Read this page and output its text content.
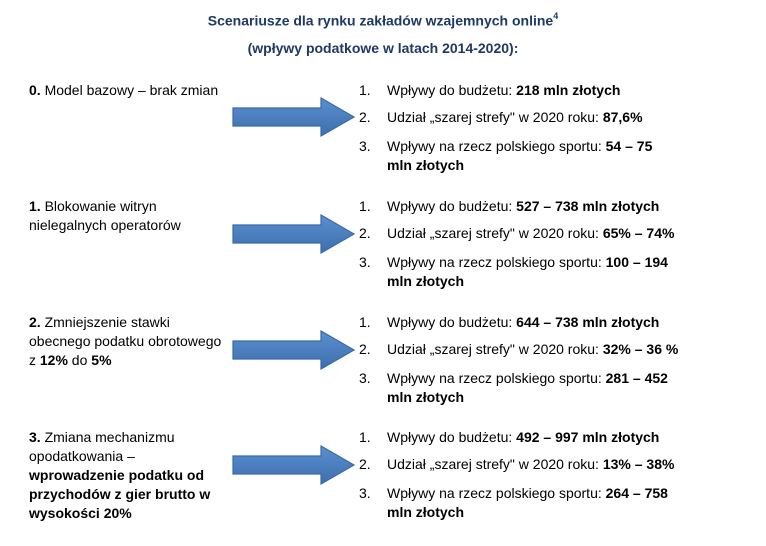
Scenariusze dla rynku zakładów wzajemnych online$^4$
(wpływy podatkowe w latach 2014-2020):
0. Model bazowy – brak zmian	1. Wpływy do budżetu: 218 mln złotych
2. Udział „szarej strefy" w 2020 roku: 87,6%
3. Wpływy na rzecz polskiego sportu: 54 – 75
mln złotych
1. Blokowanie witryn nielegalnych operatorów
1. Wpływy do budżetu: 527 – 738 mln złotych
2. Udział „szarej strefy" w 2020 roku: 65% – 74%
3. Wpływy na rzecz polskiego sportu: 100 – 194
mln złotych
2. Zmniejszenie stawki obecnego podatku obrotowego z 12% do 5%
1. Wpływy do budżetu: 644 – 738 mln złotych
2. Udział „szarej strefy" w 2020 roku: 32% – 36 %
3. Wpływy na rzecz polskiego sportu: 281 – 452
mln złotych
3. Zmiana mechanizmu opodatkowania – wprowadzenie podatku od przychodów z gier brutto w wysokości 20%
1. Wpływy do budżetu: 492 – 997 mln złotych
2. Udział „szarej strefy" w 2020 roku: 13% – 38%
3. Wpływy na rzecz polskiego sportu: 264 – 758
mln złotych
